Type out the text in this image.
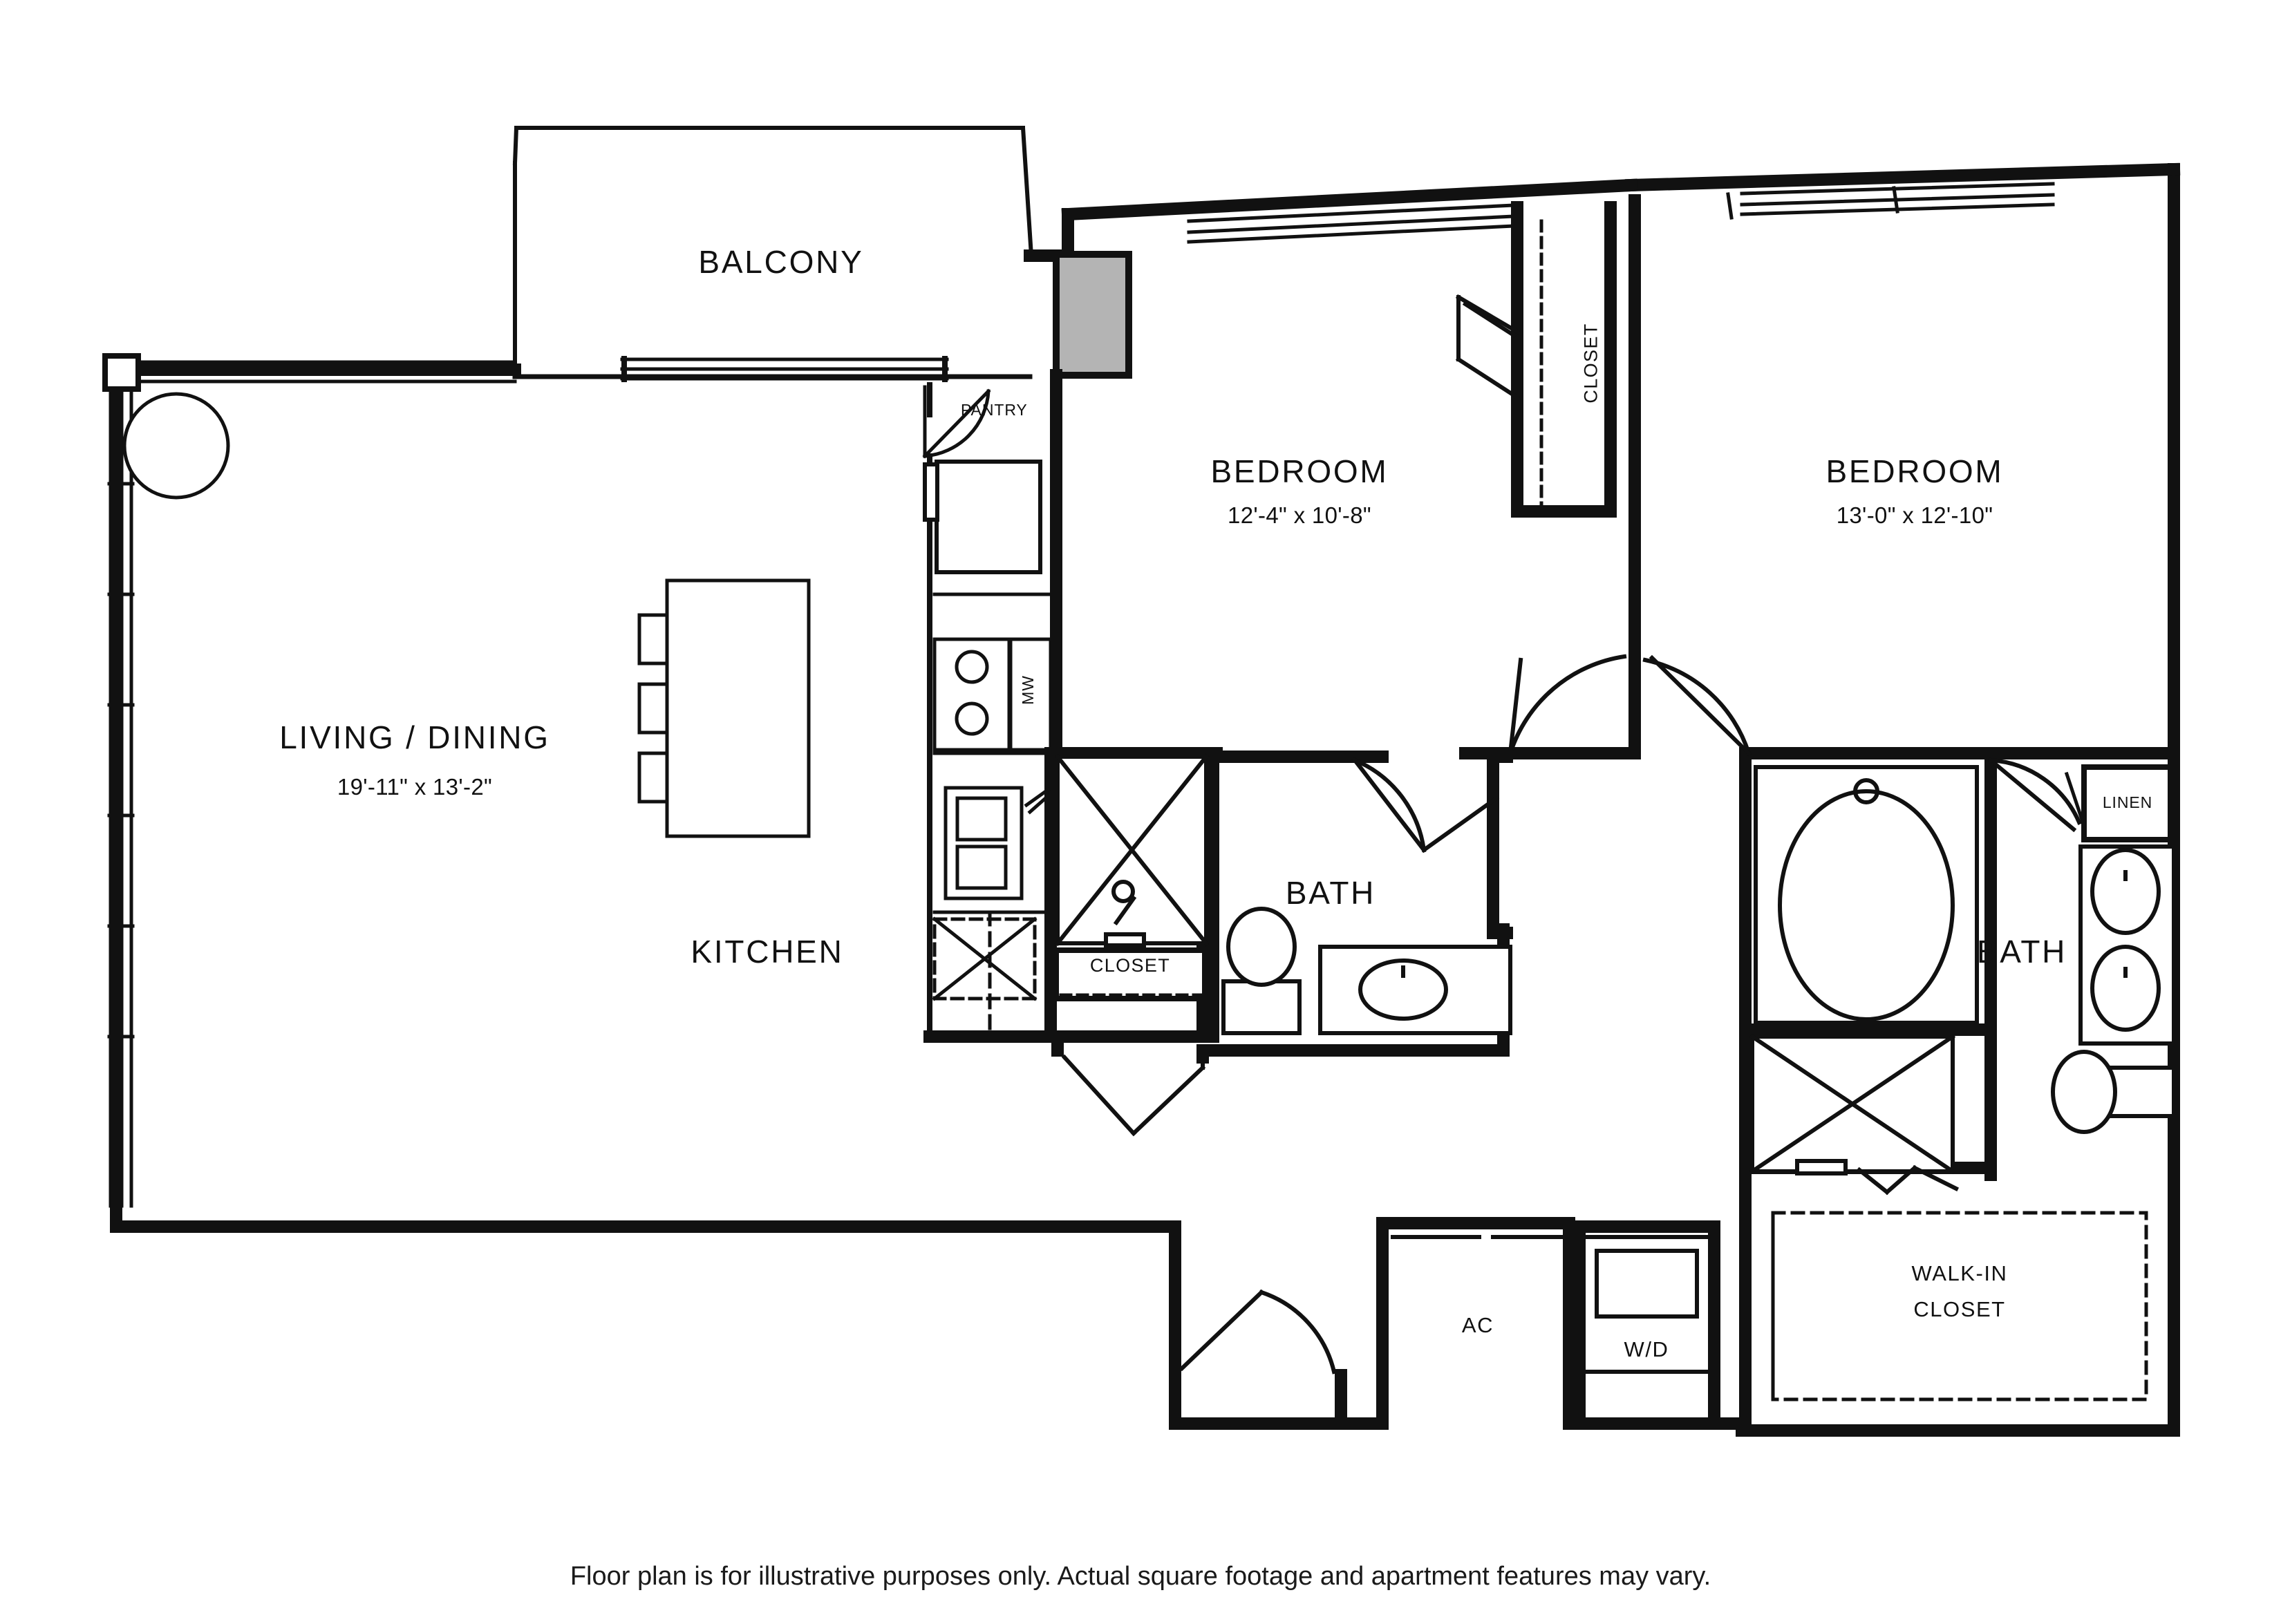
BALCONY
LIVING / DINING
19'-11" x 13'-2"
KITCHEN
PANTRY
MW
BEDROOM
12'-4" x 10'-8"
BEDROOM
13'-0" x 12'-10"
CLOSET
BATH
CLOSET	BATH
LINEN
WALK-IN
CLOSET
AC
W/D
Floor plan is for illustrative purposes only. Actual square footage and apartment features may vary.
